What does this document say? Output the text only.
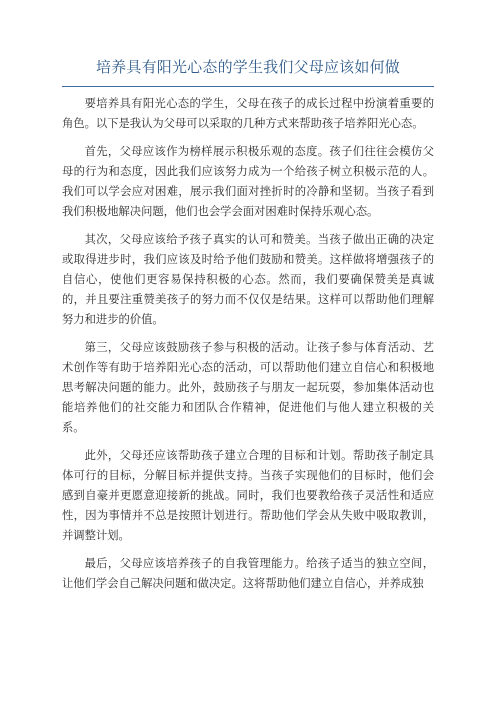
培养具有阳光心态的学生我们父母应该如何做

要培养具有阳光心态的学生，父母在孩子的成长过程中扮演着重要的角色。以下是我认为父母可以采取的几种方式来帮助孩子培养阳光心态。

首先，父母应该作为榜样展示积极乐观的态度。孩子们往往会模仿父母的行为和态度，因此我们应该努力成为一个给孩子树立积极示范的人。我们可以学会应对困难，展示我们面对挫折时的冷静和坚韧。当孩子看到我们积极地解决问题，他们也会学会面对困难时保持乐观心态。

其次，父母应该给予孩子真实的认可和赞美。当孩子做出正确的决定或取得进步时，我们应该及时给予他们鼓励和赞美。这样做将增强孩子的自信心，使他们更容易保持积极的心态。然而，我们要确保赞美是真诚的，并且要注重赞美孩子的努力而不仅仅是结果。这样可以帮助他们理解努力和进步的价值。

第三，父母应该鼓励孩子参与积极的活动。让孩子参与体育活动、艺术创作等有助于培养阳光心态的活动，可以帮助他们建立自信心和积极地思考解决问题的能力。此外，鼓励孩子与朋友一起玩耍，参加集体活动也能培养他们的社交能力和团队合作精神，促进他们与他人建立积极的关系。

此外，父母还应该帮助孩子建立合理的目标和计划。帮助孩子制定具体可行的目标，分解目标并提供支持。当孩子实现他们的目标时，他们会感到自豪并更愿意迎接新的挑战。同时，我们也要教给孩子灵活性和适应性，因为事情并不总是按照计划进行。帮助他们学会从失败中吸取教训，并调整计划。

最后，父母应该培养孩子的自我管理能力。给孩子适当的独立空间，让他们学会自己解决问题和做决定。这将帮助他们建立自信心，并养成独
